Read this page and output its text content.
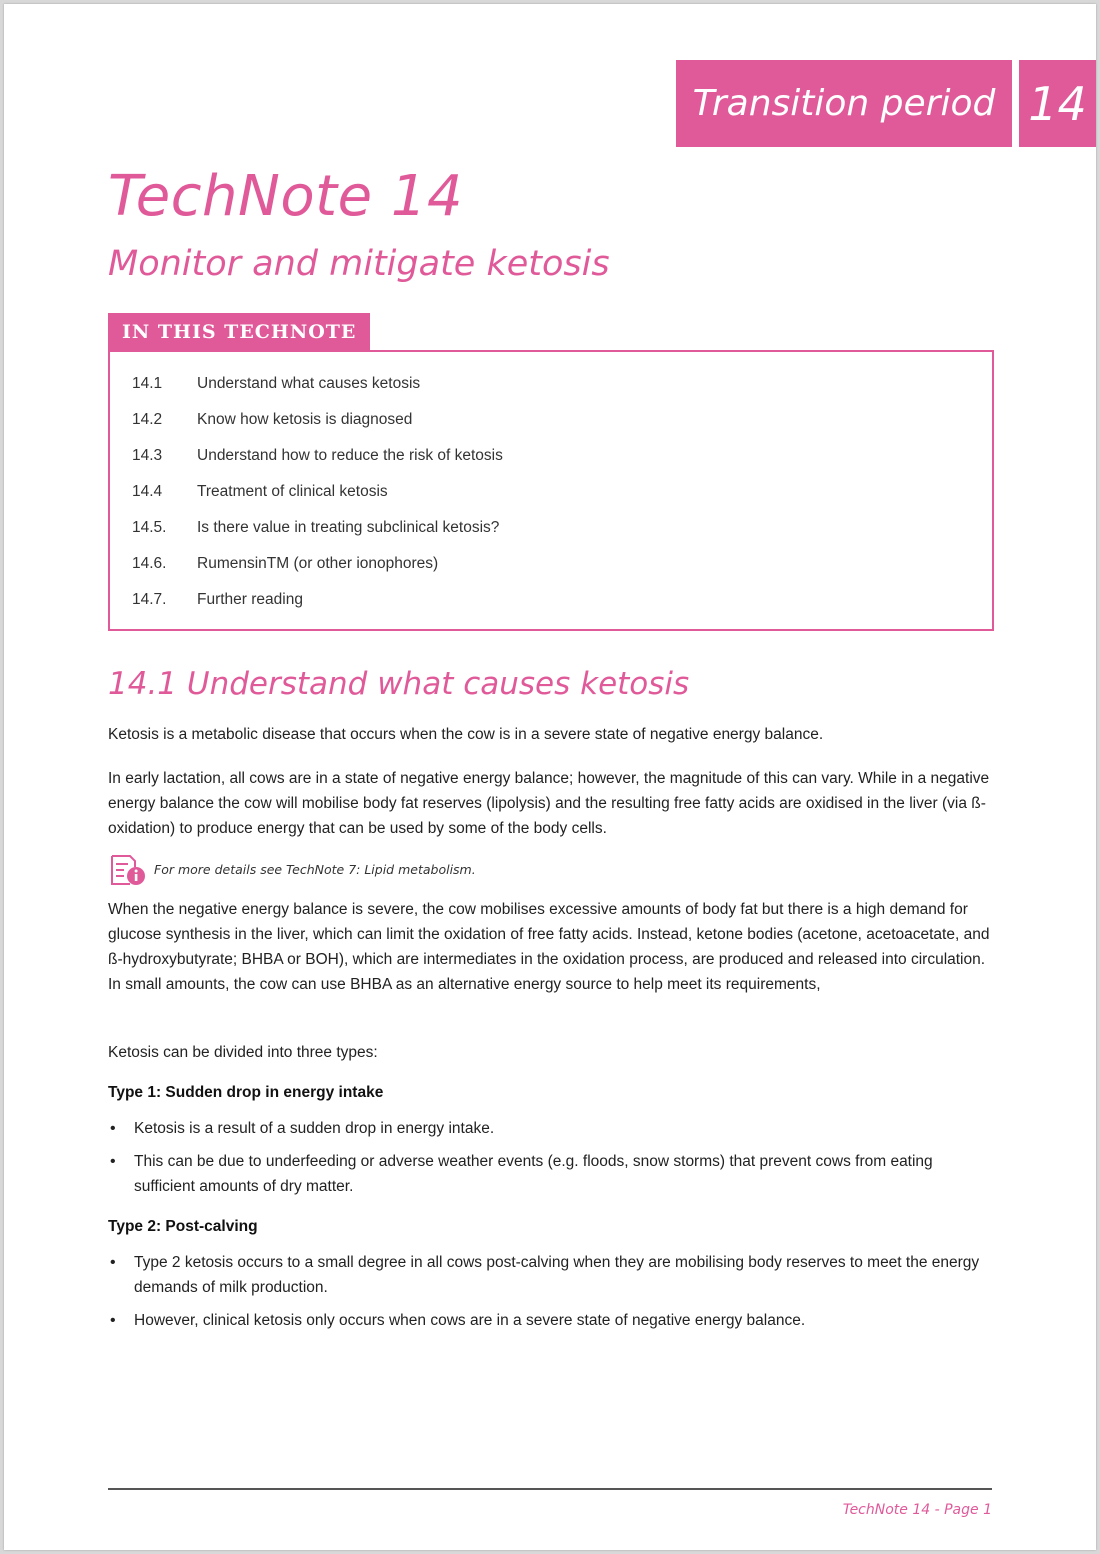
Transition period 14
TechNote 14
Monitor and mitigate ketosis
IN THIS TECHNOTE
14.1	Understand what causes ketosis
14.2	Know how ketosis is diagnosed
14.3	Understand how to reduce the risk of ketosis
14.4	Treatment of clinical ketosis
14.5.	Is there value in treating subclinical ketosis?
14.6.	RumensinTM (or other ionophores)
14.7.	Further reading
14.1 Understand what causes ketosis

Ketosis is a metabolic disease that occurs when the cow is in a severe state of negative energy balance.

In early lactation, all cows are in a state of negative energy balance; however, the magnitude of this can vary. While in a negative energy balance the cow will mobilise body fat reserves (lipolysis) and the resulting free fatty acids are oxidised in the liver (via ß-oxidation) to produce energy that can be used by some of the body cells.

For more details see TechNote 7: Lipid metabolism.

When the negative energy balance is severe, the cow mobilises excessive amounts of body fat but there is a high demand for glucose synthesis in the liver, which can limit the oxidation of free fatty acids. Instead, ketone bodies (acetone, acetoacetate, and ß-hydroxybutyrate; BHBA or BOH), which are intermediates in the oxidation process, are produced and released into circulation. In small amounts, the cow can use BHBA as an alternative energy source to help meet its requirements,

Ketosis can be divided into three types:

Type 1: Sudden drop in energy intake
• Ketosis is a result of a sudden drop in energy intake.
• This can be due to underfeeding or adverse weather events (e.g. floods, snow storms) that prevent cows from eating sufficient amounts of dry matter.
Type 2: Post-calving
• Type 2 ketosis occurs to a small degree in all cows post-calving when they are mobilising body reserves to meet the energy demands of milk production.
• However, clinical ketosis only occurs when cows are in a severe state of negative energy balance.

TechNote 14 - Page 1
